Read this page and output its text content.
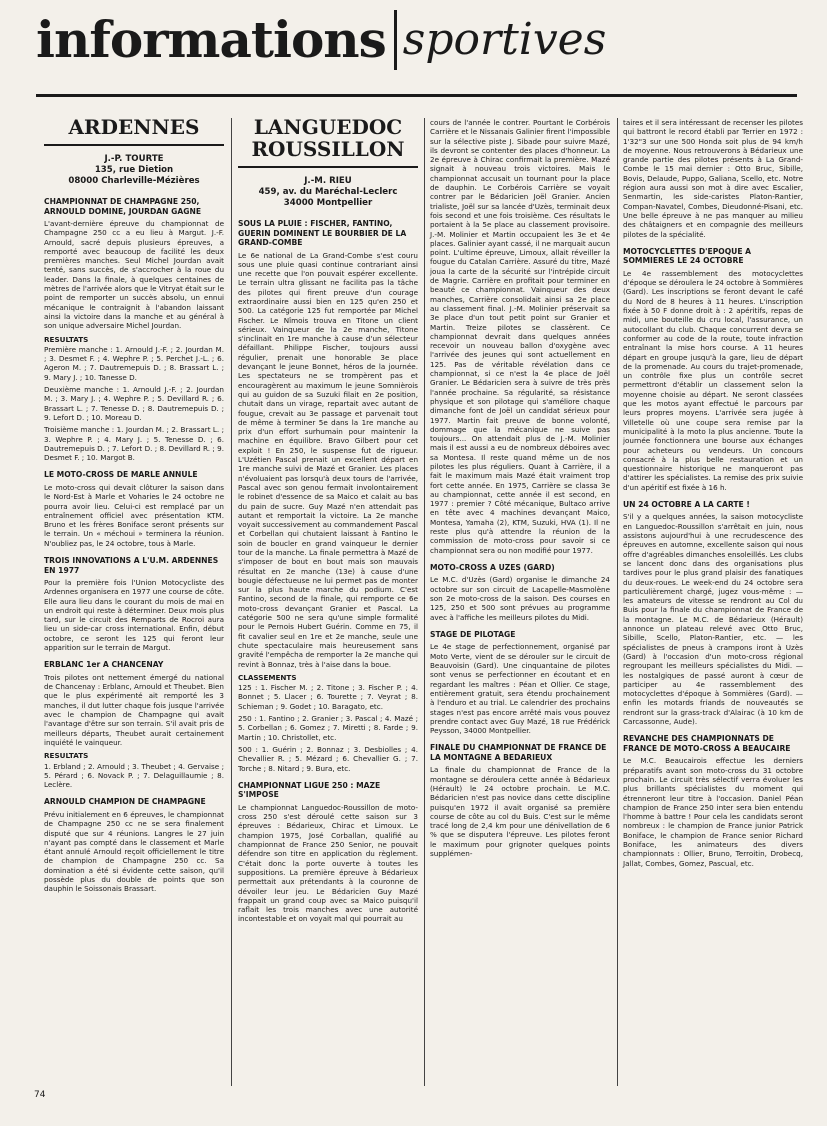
informations sportives
ARDENNES
J.-P. TOURTE
135, rue Dietion
08000 Charleville-Mézières
CHAMPIONNAT DE CHAMPAGNE 250, ARNOULD DOMINE, JOURDAN GAGNE

L'avant-dernière épreuve du championnat de Champagne 250 cc a eu lieu à Margut. J.-F. Arnould, sacré depuis plusieurs épreuves, a remporté avec beaucoup de facilité les deux premières manches. Seul Michel Jourdan avait tenté, sans succès, de s'accrocher à la roue du leader. Dans la finale, à quelques centaines de mètres de l'arrivée alors que le Vitryat était sur le point de remporter un succès absolu, un ennui mécanique le contraignit à l'abandon laissant ainsi la victoire dans la manche et au général à son unique adversaire Michel Jourdan.

RESULTATS

Première manche : 1. Arnould J.-F. ; 2. Jourdan M. ; 3. Desmet F. ; 4. Wephre P. ; 5. Perchet J.-L. ; 6. Ageron M. ; 7. Dautremepuis D. ; 8. Brassart L. ; 9. Mary J. ; 10. Tanesse D.

Deuxième manche : 1. Arnould J.-F. ; 2. Jourdan M. ; 3. Mary J. ; 4. Wephre P. ; 5. Devillard R. ; 6. Brassart L. ; 7. Tenesse D. ; 8. Dautremepuis D. ; 9. Lefort D. ; 10. Moreau D.

Troisième manche : 1. Jourdan M. ; 2. Brassart L. ; 3. Wephre P. ; 4. Mary J. ; 5. Tenesse D. ; 6. Dautremepuis D. ; 7. Lefort D. ; 8. Devillard R. ; 9. Desmet F. ; 10. Margot B.

LE MOTO-CROSS DE MARLE ANNULE

Le moto-cross qui devait clôturer la saison dans le Nord-Est à Marle et Voharies le 24 octobre ne pourra avoir lieu. Celui-ci est remplacé par un entraînement officiel avec présentation KTM. Bruno et les frères Boniface seront présents sur le terrain. Un « méchoui » terminera la réunion. N'oubliez pas, le 24 octobre, tous à Marle.

TROIS INNOVATIONS A L'U.M. ARDENNES EN 1977

Pour la première fois l'Union Motocycliste des Ardennes organisera en 1977 une course de côte. Elle aura lieu dans le courant du mois de mai en un endroit qui reste à déterminer. Deux mois plus tard, sur le circuit des Remparts de Rocroi aura lieu un side-car cross international. Enfin, début octobre, ce seront les 125 qui feront leur apparition sur le terrain de Margut.

ERBLANC 1er A CHANCENAY

Trois pilotes ont nettement émergé du national de Chancenay : Erblanc, Arnould et Theubet. Bien que le plus expérimenté ait remporté les 3 manches, il dut lutter chaque fois jusque l'arrivée avec le champion de Champagne qui avait l'avantage d'être sur son terrain. S'il avait pris de meilleurs départs, Theubet aurait certainement inquiété le vainqueur.

RESULTATS

1. Erbland ; 2. Arnould ; 3. Theubet ; 4. Gervaise ; 5. Pérard ; 6. Novack P. ; 7. Delaguillaumie ; 8. Leclère.

ARNOULD CHAMPION DE CHAMPAGNE

Prévu initialement en 6 épreuves, le championnat de Champagne 250 cc ne se sera finalement disputé que sur 4 réunions. Langres le 27 juin n'ayant pas compté dans le classement et Marle étant annulé Arnould reçoit officiellement le titre de champion de Champagne 250 cc. Sa domination a été si évidente cette saison, qu'il possède plus du double de points que son dauphin le Soissonais Brassart.

LANGUEDOC ROUSSILLON
J.-M. RIEU
459, av. du Maréchal-Leclerc
34000 Montpellier
SOUS LA PLUIE : FISCHER, FANTINO, GUERIN DOMINENT LE BOURBIER DE LA GRAND-COMBE

Le 6e national de La Grand-Combe s'est couru sous une pluie quasi continue contrariant ainsi une recette que l'on pouvait espérer excellente. Le terrain ultra glissant ne facilita pas la tâche des pilotes qui firent preuve d'un courage extraordinaire aussi bien en 125 qu'en 250 et 500. La catégorie 125 fut remportée par Michel Fischer. Le Nîmois trouva en Titone un client sérieux. Vainqueur de la 2e manche, Titone s'inclinait en 1re manche à cause d'un sélecteur défaillant. Philippe Fischer, toujours aussi régulier, prenait une honorable 3e place devançant le jeune Bonnet, héros de la journée. Les spectateurs ne se trompèrent pas et encouragèrent au maximum le jeune Somnièrois qui au guidon de sa Suzuki filait en 2e position, chutait dans un virage, repartait avec autant de fougue, crevait au 3e passage et parvenait tout de même à terminer 5e dans la 1re manche au prix d'un effort surhumain pour maintenir la machine en équilibre. Bravo Gilbert pour cet exploit ! En 250, le suspense fut de rigueur. L'Uzétien Pascal prenait un excellent départ en 1re manche suivi de Mazé et Granier. Les places n'évoluaient pas lorsqu'à deux tours de l'arrivée, Pascal avec son genou fermait involontairement le robinet d'essence de sa Maico et calait au bas du pain de sucre. Guy Mazé n'en attendait pas autant et remportait la victoire. La 2e manche voyait successivement au commandement Pascal et Corbellan qui chutaient laissant à Fantino le soin de boucler en grand vainqueur le dernier tour de la manche. La finale permettra à Mazé de s'imposer de bout en bout mais son mauvais résultat en 2e manche (13e) à cause d'une bougie défectueuse ne lui permet pas de monter sur la plus haute marche du podium. C'est Fantino, second de la finale, qui remporte ce 6e moto-cross devançant Granier et Pascal. La catégorie 500 ne sera qu'une simple formalité pour le Pernois Hubert Guérin. Comme en 75, il fit cavalier seul en 1re et 2e manche, seule une chute spectaculaire mais heureusement sans gravité l'empêcha de remporter la 2e manche qui revint à Bonnaz, très à l'aise dans la boue.

CLASSEMENTS

125 : 1. Fischer M. ; 2. Titone ; 3. Fischer P. ; 4. Bonnet ; 5. Llacer ; 6. Tourette ; 7. Veyrat ; 8. Schieman ; 9. Godet ; 10. Baragato, etc.

250 : 1. Fantino ; 2. Granier ; 3. Pascal ; 4. Mazé ; 5. Corbellan ; 6. Gomez ; 7. Miretti ; 8. Farde ; 9. Martin ; 10. Christollet, etc.

500 : 1. Guérin ; 2. Bonnaz ; 3. Desbiolles ; 4. Chevallier R. ; 5. Mézard ; 6. Chevallier G. ; 7. Torche ; 8. Nitard ; 9. Bura, etc.

CHAMPIONNAT LIGUE 250 : MAZE S'IMPOSE

Le championnat Languedoc-Roussillon de moto-cross 250 s'est déroulé cette saison sur 3 épreuves : Bédarieux, Chirac et Limoux. Le champion 1975, José Corballan, qualifié au championnat de France 250 Senior, ne pouvait défendre son titre en application du règlement. C'était donc la porte ouverte à toutes les suppositions. La première épreuve à Bédarieux permettait aux prétendants à la couronne de dévoiler leur jeu. Le Bédaricien Guy Mazé frappait un grand coup avec sa Maico puisqu'il raflait les trois manches avec une autorité incontestable et on voyait mal qui pourrait au

cours de l'année le contrer. Pourtant le Corbérois Carrière et le Nissanais Galinier firent l'impossible sur la sélective piste J. Sibade pour suivre Mazé, ils devront se contenter des places d'honneur. La 2e épreuve à Chirac confirmait la première. Mazé signait à nouveau trois victoires. Mais le championnat accusait un tournant pour la place de dauphin. Le Corbérois Carrière se voyait contrer par le Bédaricien Joël Granier. Ancien trialiste, Joël sur sa lancée d'Uzès, terminait deux fois second et une fois troisième. Ces résultats le portaient à la 5e place au classement provisoire. J.-M. Molinier et Martin occupaient les 3e et 4e places. Galinier ayant cassé, il ne marquait aucun point. L'ultime épreuve, Limoux, allait réveiller la fougue du Catalan Carrière. Assuré du titre, Mazé joua la carte de la sécurité sur l'intrépide circuit de Magrie. Carrière en profitait pour terminer en beauté ce championnat. Vainqueur des deux manches, Carrière consolidait ainsi sa 2e place au classement final. J.-M. Molinier préservait sa 3e place d'un tout petit point sur Granier et Martin. Treize pilotes se classèrent. Ce championnat devrait dans quelques années recevoir un nouveau ballon d'oxygène avec l'arrivée des jeunes qui sont actuellement en 125. Pas de véritable révélation dans ce championnat, si ce n'est la 4e place de Joël Granier. Le Bédaricien sera à suivre de très près l'année prochaine. Sa régularité, sa résistance physique et son pilotage qui s'améliore chaque dimanche font de Joël un candidat sérieux pour 1977. Martin fait preuve de bonne volonté, dommage que la mécanique ne suive pas toujours... On attendait plus de J.-M. Molinier mais il est aussi a eu de nombreux déboires avec sa Montesa. Il reste quand même un de nos pilotes les plus réguliers. Quant à Carrière, il a fait le maximum mais Mazé était vraiment trop fort cette année. En 1975, Carrière se classa 3e au championnat, cette année il est second, en 1977 : premier ? Côté mécanique, Bultaco arrive en tête avec 4 machines devançant Maico, Montesa, Yamaha (2), KTM, Suzuki, HVA (1). Il ne reste plus qu'à attendre la réunion de la commission de moto-cross pour savoir si ce championnat sera ou non modifié pour 1977.

MOTO-CROSS A UZES (GARD)

Le M.C. d'Uzès (Gard) organise le dimanche 24 octobre sur son circuit de Lacapelle-Masmolène son 2e moto-cross de la saison. Des courses en 125, 250 et 500 sont prévues au programme avec à l'affiche les meilleurs pilotes du Midi.

STAGE DE PILOTAGE

Le 4e stage de perfectionnement, organisé par Moto Verte, vient de se dérouler sur le circuit de Beauvoisin (Gard). Une cinquantaine de pilotes sont venus se perfectionner en écoutant et en regardant les maîtres : Péan et Ollier. Ce stage, entièrement gratuit, sera étendu prochainement à l'enduro et au trial. Le calendrier des prochains stages n'est pas encore arrêté mais vous pouvez prendre contact avec Guy Mazé, 18 rue Frédérick Peysson, 34000 Montpellier.

FINALE DU CHAMPIONNAT DE FRANCE DE LA MONTAGNE A BEDARIEUX

La finale du championnat de France de la montagne se déroulera cette année à Bédarieux (Hérault) le 24 octobre prochain. Le M.C. Bédaricien n'est pas novice dans cette discipline puisqu'en 1972 il avait organisé sa première course de côte au col du Buis. C'est sur le même tracé long de 2,4 km pour une dénivellation de 6 % que se disputera l'épreuve. Les pilotes feront le maximum pour grignoter quelques points supplémen-

taires et il sera intéressant de recenser les pilotes qui battront le record établi par Terrier en 1972 : 1'32"3 sur une 500 Honda soit plus de 94 km/h de moyenne. Nous retrouverons à Bédarieux une grande partie des pilotes présents à La Grand-Combe le 15 mai dernier : Otto Bruc, Sibille, Bovis, Delaude, Puppo, Galiana, Scello, etc. Notre région aura aussi son mot à dire avec Escalier, Senmartin, les side-caristes Platon-Rantier, Compan-Navatel, Combes, Dieudonné-Pisani, etc. Une belle épreuve à ne pas manquer au milieu des châtaigners et en compagnie des meilleurs pilotes de la spécialité.

MOTOCYCLETTES D'EPOQUE A SOMMIERES LE 24 OCTOBRE

Le 4e rassemblement des motocyclettes d'époque se déroulera le 24 octobre à Sommières (Gard). Les inscriptions se feront devant le café du Nord de 8 heures à 11 heures. L'inscription fixée à 50 F donne droit à : 2 apéritifs, repas de midi, une bouteille du cru local, l'assurance, un autocollant du club. Chaque concurrent devra se conformer au code de la route, toute infraction entraînant la mise hors course. A 11 heures départ en groupe jusqu'à la gare, lieu de départ de la promenade. Au cours du trajet-promenade, un contrôle fixe plus un contrôle secret permettront d'établir un classement selon la moyenne choisie au départ. Ne seront classées que les motos ayant effectué le parcours par leurs propres moyens. L'arrivée sera jugée à Villetelle où une coupe sera remise par la municipalité à la moto la plus ancienne. Toute la journée fonctionnera une bourse aux échanges pour acheteurs ou vendeurs. Un concours consacré à la plus belle restauration et un questionnaire historique ne manqueront pas d'attirer les spécialistes. La remise des prix suivie d'un apéritif est fixée à 16 h.

UN 24 OCTOBRE A LA CARTE !

S'il y a quelques années, la saison motocycliste en Languedoc-Roussillon s'arrêtait en juin, nous assistons aujourd'hui à une recrudescence des épreuves en automne, excellente saison qui nous offre d'agréables dimanches ensoleillés. Les clubs se lancent donc dans des organisations plus tardives pour le plus grand plaisir des fanatiques du deux-roues. Le week-end du 24 octobre sera particulièrement chargé, jugez vous-même : — les amateurs de vitesse se rendront au Col du Buis pour la finale du championnat de France de la montagne. Le M.C. de Bédarieux (Hérault) annonce un plateau relevé avec Otto Bruc, Sibille, Scello, Platon-Rantier, etc. — les spécialistes de pneus à crampons iront à Uzès (Gard) à l'occasion d'un moto-cross régional regroupant les meilleurs spécialistes du Midi. — les nostalgiques de passé auront à cœur de participer au 4e rassemblement des motocyclettes d'époque à Sommières (Gard). — enfin les motards friands de nouveautés se rendront sur la grass-track d'Alairac (à 10 km de Carcassonne, Aude).

REVANCHE DES CHAMPIONNATS DE FRANCE DE MOTO-CROSS A BEAUCAIRE

Le M.C. Beaucairois effectue les derniers préparatifs avant son moto-cross du 31 octobre prochain. Le circuit très sélectif verra évoluer les plus brillants spécialistes du moment qui étrenneront leur titre à l'occasion. Daniel Péan champion de France 250 inter sera bien entendu l'homme à battre ! Pour cela les candidats seront nombreux : le champion de France junior Patrick Boniface, le champion de France senior Richard Boniface, les animateurs des divers championnats : Ollier, Bruno, Terroitin, Drobecq, Jallat, Combes, Gomez, Pascual, etc.

74
